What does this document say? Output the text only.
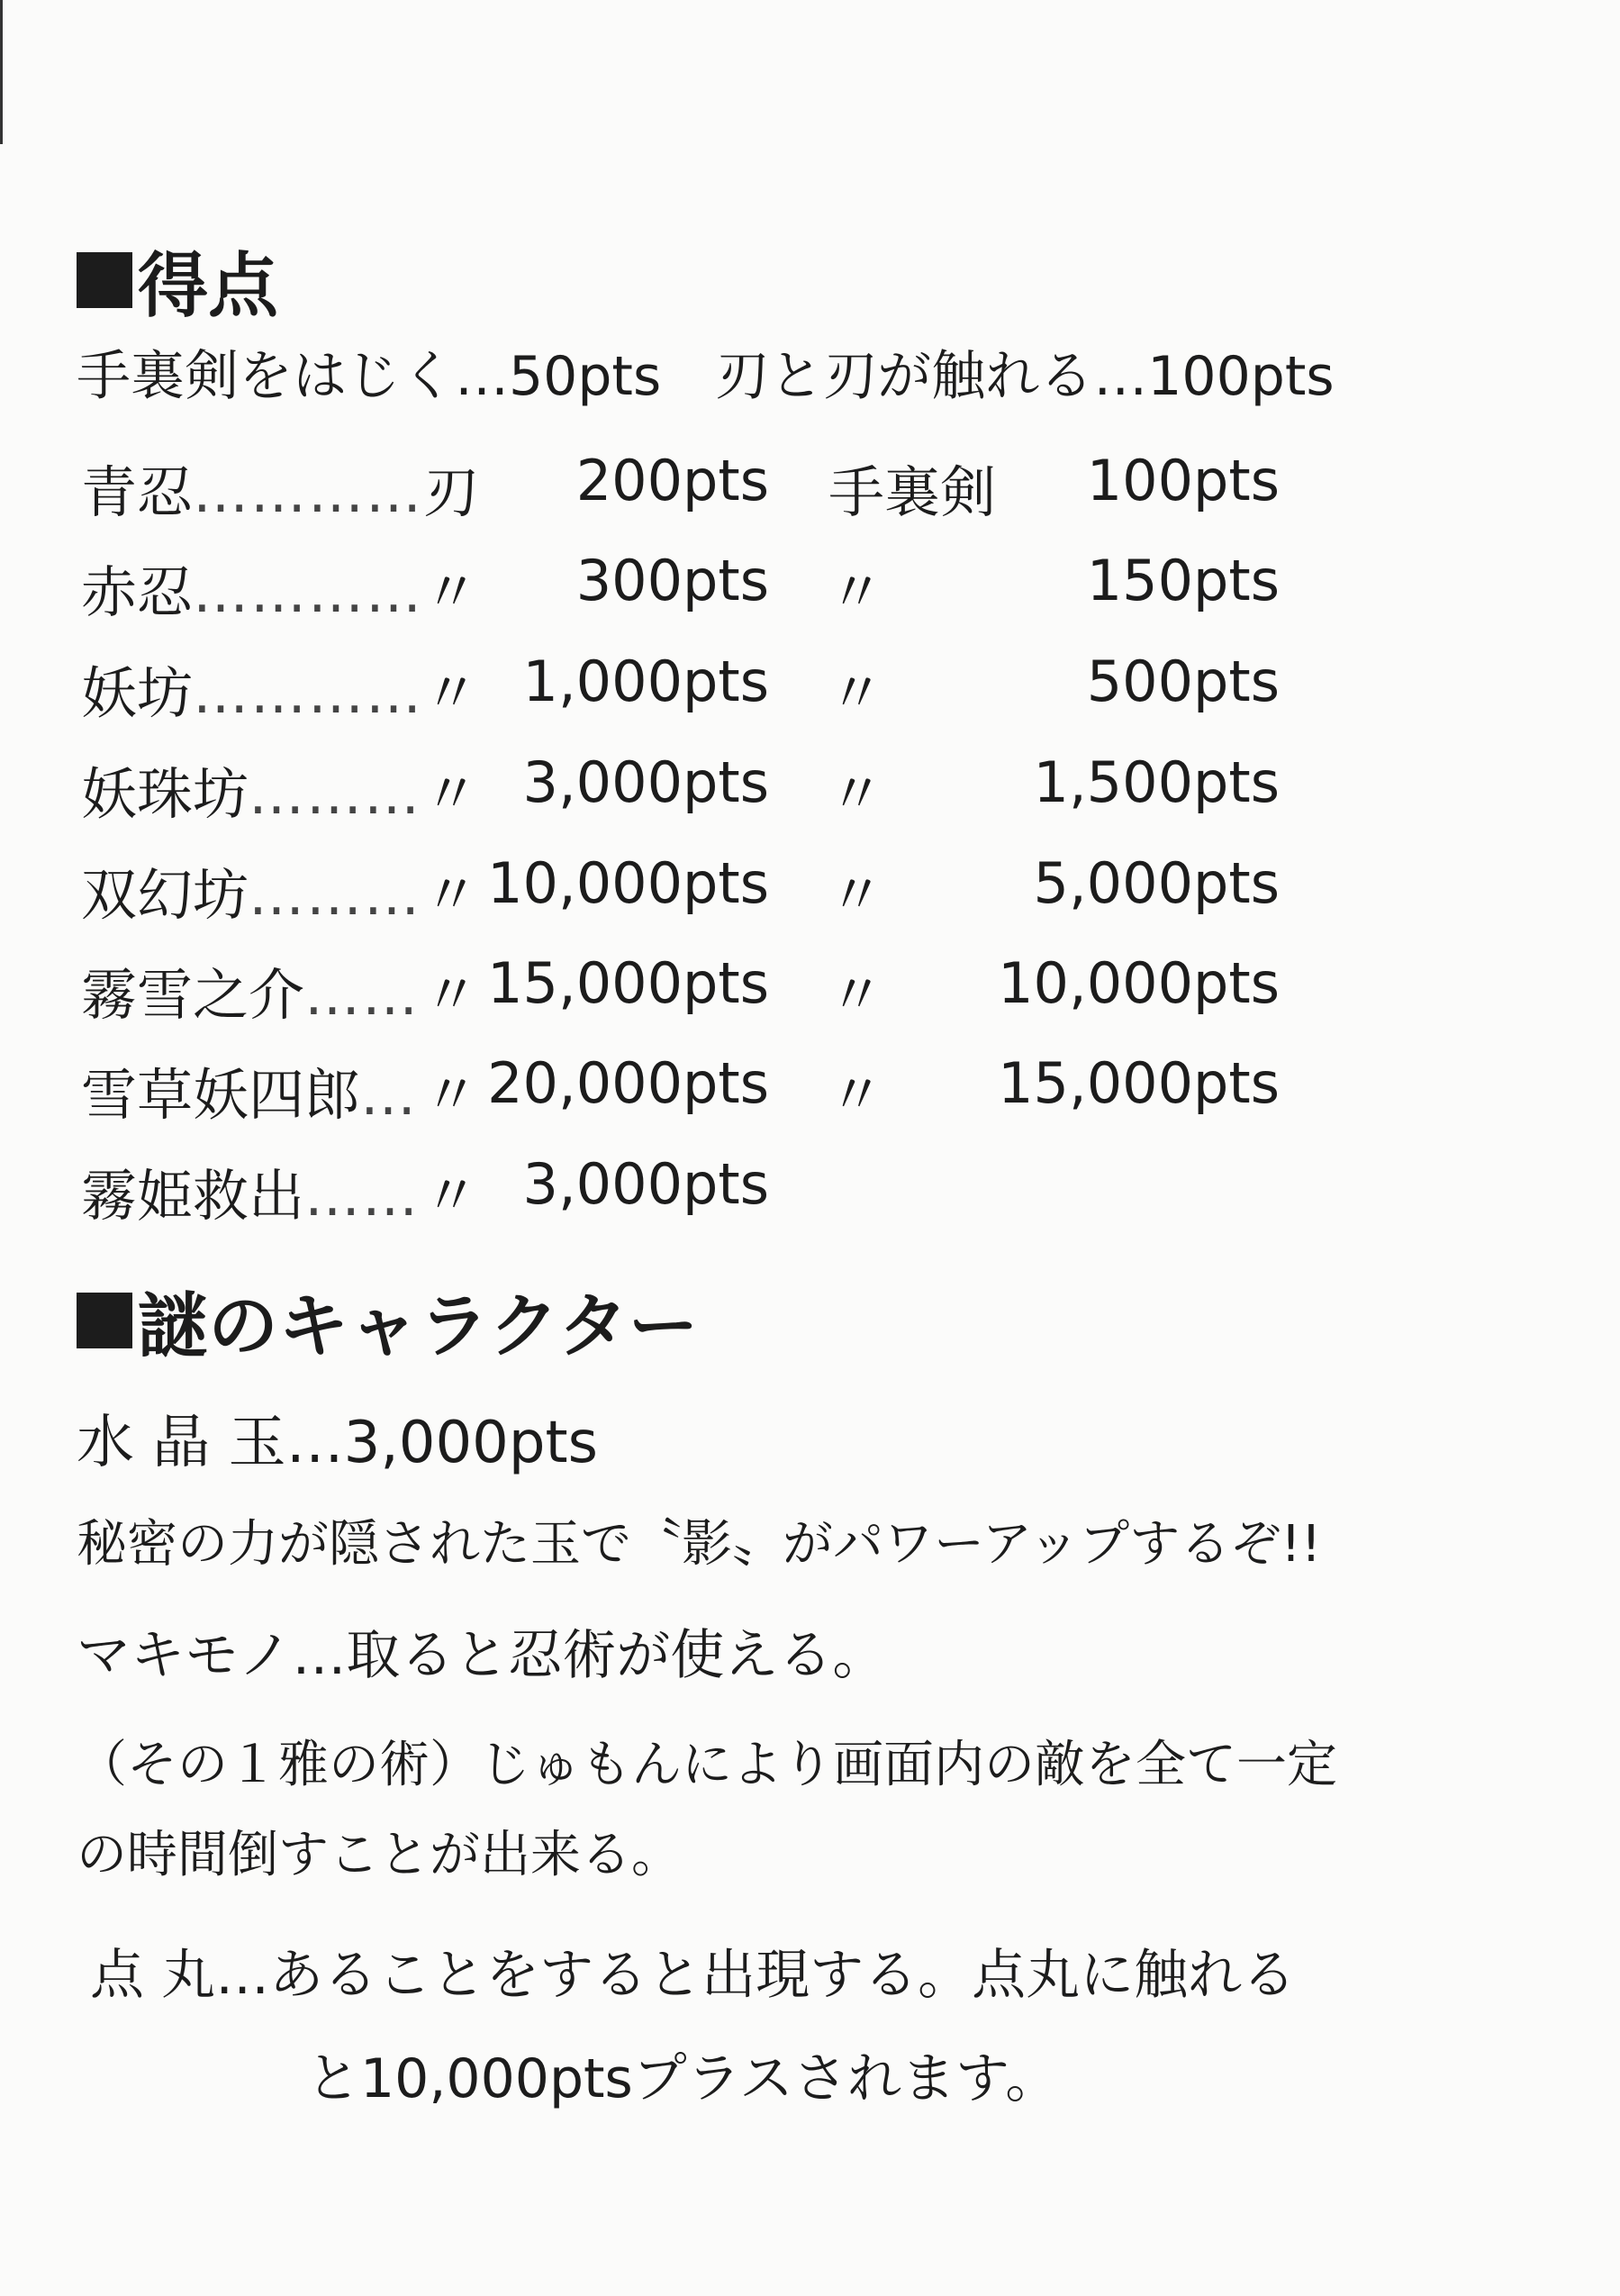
得点
手裏剣をはじく…50pts　刃と刃が触れる…100pts
青忍………… 刃 200pts 手裏剣 100pts
赤忍………… 〃 300pts 〃	150pts
妖坊………… 〃 1,000pts 〃	500pts
妖珠坊……… 〃 3,000pts 〃	1,500pts
双幻坊……… 〃 10,000pts 〃	5,000pts
霧雪之介…… 〃 15,000pts 〃 10,000pts
雪草妖四郎… 〃 20,000pts 〃 15,000pts
霧姫救出…… 〃 3,000pts
謎のキャラクター
水 晶 玉…3,000pts
秘密の力が隠された玉で〝影〟がパワーアップするぞ!!
マキモノ…取ると忍術が使える。
（その１雅の術）じゅもんにより画面内の敵を全て一定
の時間倒すことが出来る。
点 丸…あることをすると出現する。点丸に触れる
と10,000ptsプラスされます。
